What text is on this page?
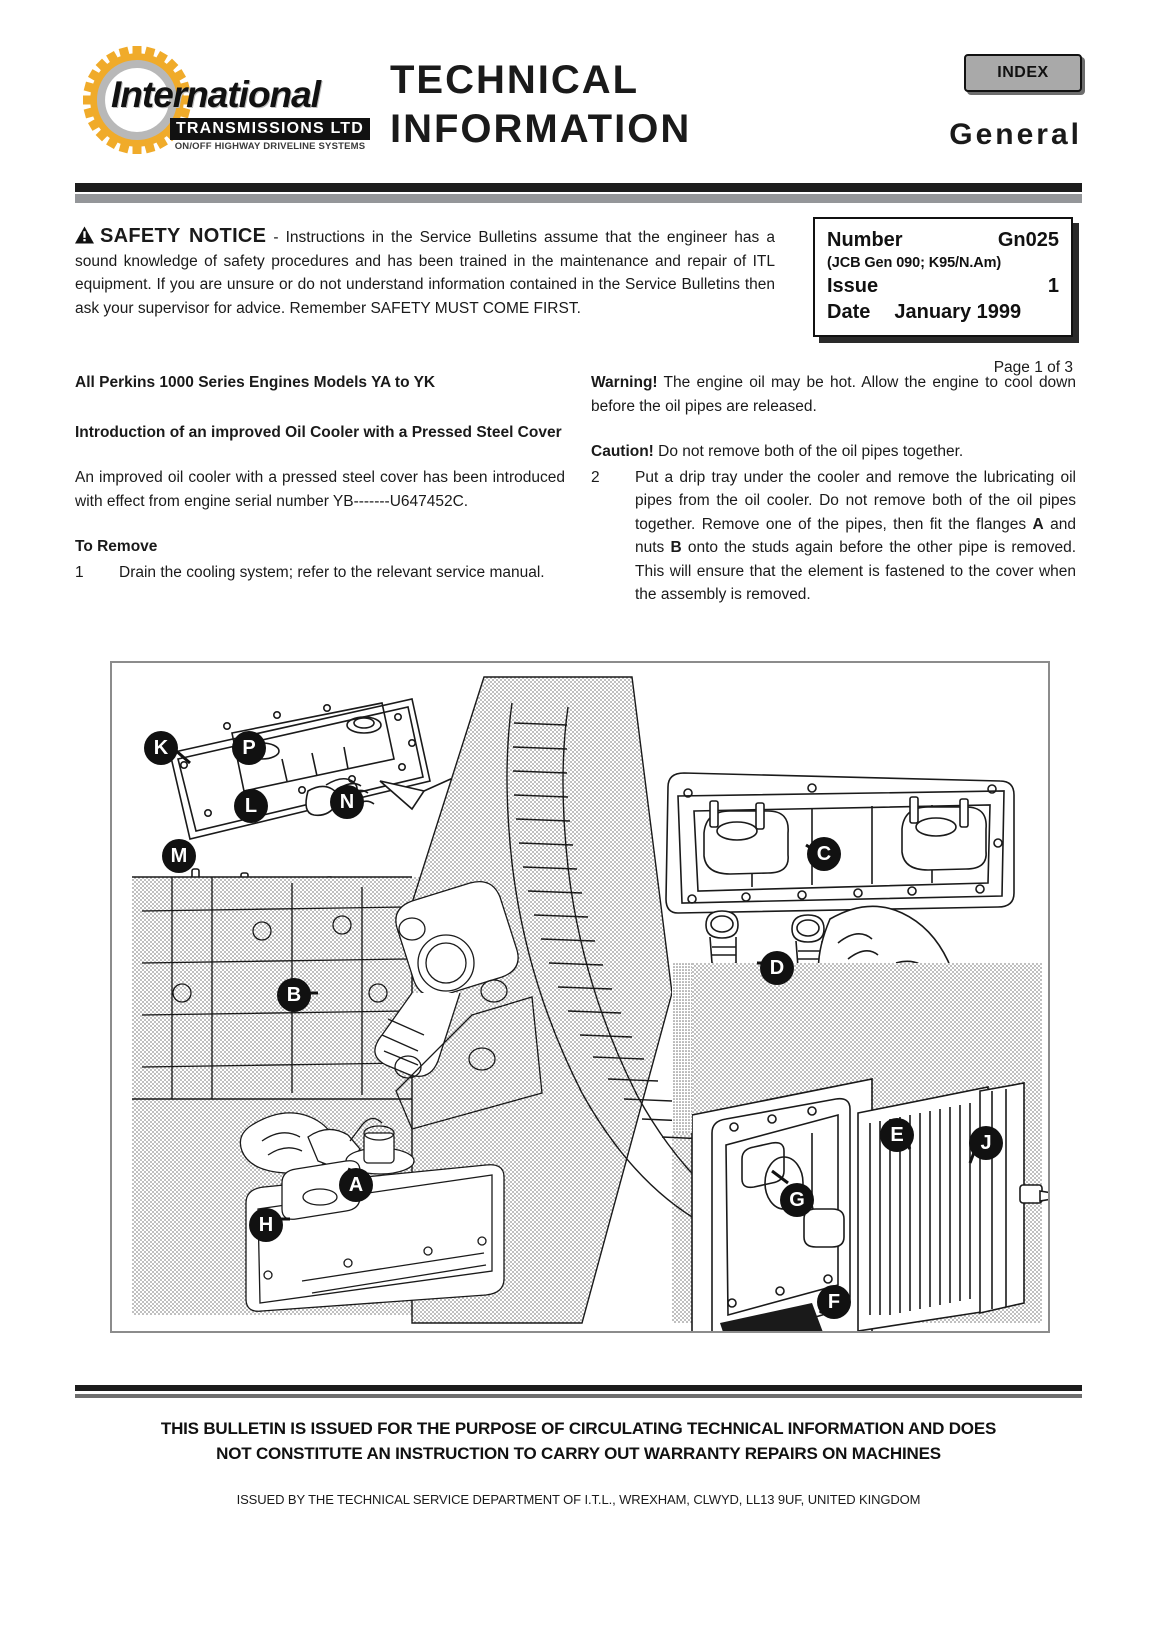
International
TRANSMISSIONS LTD
ON/OFF HIGHWAY DRIVELINE SYSTEMS
TECHNICAL
INFORMATION
INDEX
General
SAFETY NOTICE - Instructions in the Service Bulletins assume that the engineer has a sound knowledge of safety procedures and has been trained in the maintenance and repair of ITL equipment. If you are unsure or do not understand information contained in the Service Bulletins then ask your supervisor for advice. Remember SAFETY MUST COME FIRST.
Number	Gn025
(JCB Gen 090; K95/N.Am)
Issue	1
Date January 1999
Page 1 of 3
All Perkins 1000 Series Engines Models YA to YK
Introduction of an improved Oil Cooler with a Pressed Steel Cover
An improved oil cooler with a pressed steel cover has been introduced with effect from engine serial number YB-------U647452C.
To Remove
1	Drain the cooling system; refer to the relevant service manual.
Warning! The engine oil may be hot. Allow the engine to cool down before the oil pipes are released.
Caution! Do not remove both of the oil pipes together.
2	Put a drip tray under the cooler and remove the lubricating oil pipes from the oil cooler. Do not remove both of the oil pipes together. Remove one of the pipes, then fit the flanges A and nuts B onto the studs again before the other pipe is removed. This will ensure that the element is fastened to the cover when the assembly is removed.
K	P
L	N
M	C
D
B
A
H
E	J
G
F
THIS BULLETIN IS ISSUED FOR THE PURPOSE OF CIRCULATING TECHNICAL INFORMATION AND DOES
NOT CONSTITUTE AN INSTRUCTION TO CARRY OUT WARRANTY REPAIRS ON MACHINES
ISSUED BY THE TECHNICAL SERVICE DEPARTMENT OF I.T.L., WREXHAM, CLWYD, LL13 9UF, UNITED KINGDOM
